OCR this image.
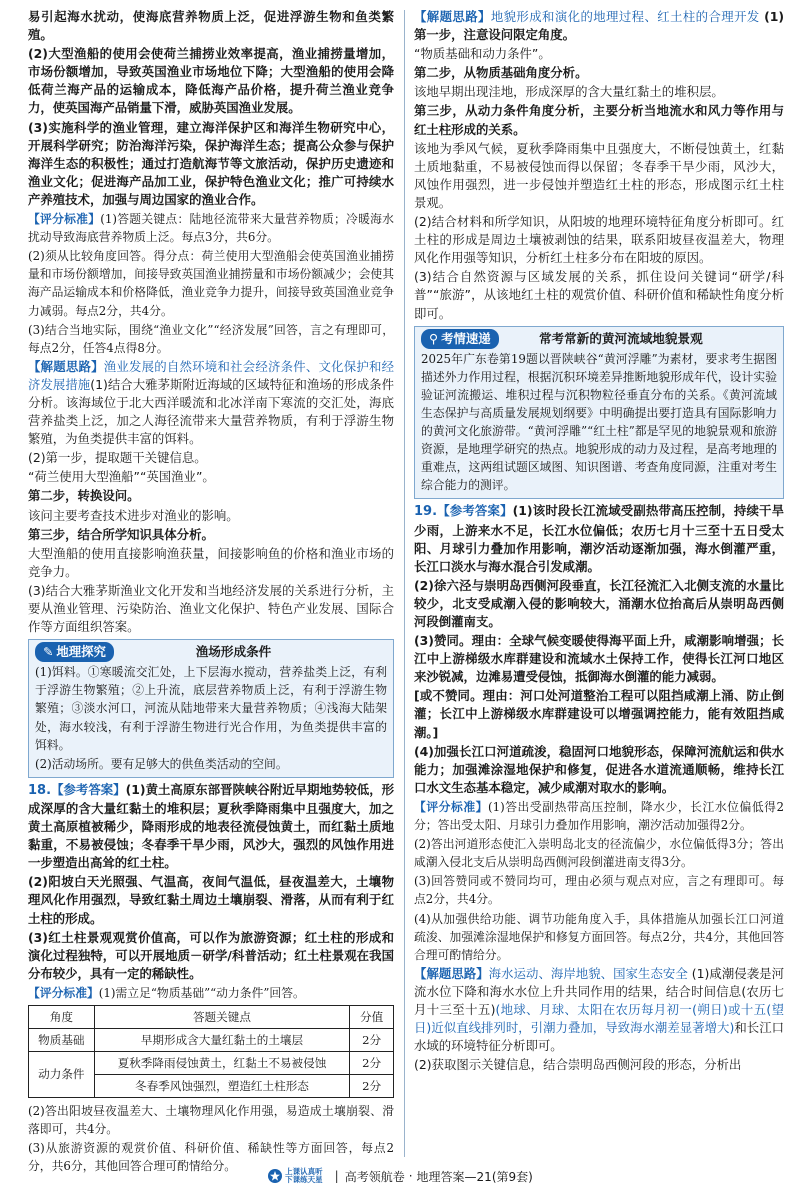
易引起海水扰动，使海底营养物质上泛，促进浮游生物和鱼类繁殖。

(2)大型渔船的使用会使荷兰捕捞业效率提高，渔业捕捞量增加，市场份额增加，导致英国渔业市场地位下降；大型渔船的使用会降低荷兰海产品的运输成本，降低海产品价格，提升荷兰渔业竞争力，使英国海产品销量下滑，威胁英国渔业发展。

(3)实施科学的渔业管理，建立海洋保护区和海洋生物研究中心，开展科学研究；防治海洋污染，保护海洋生态；提高公众参与保护海洋生态的积极性；通过打造航海节等文旅活动，保护历史遗迹和渔业文化；促进海产品加工业，保护特色渔业文化；推广可持续水产养殖技术，加强与周边国家的渔业合作。

【评分标准】(1)答题关键点：陆地径流带来大量营养物质；冷暖海水扰动导致海底营养物质上泛。每点3分，共6分。

(2)须从比较角度回答。得分点：荷兰使用大型渔船会使英国渔业捕捞量和市场份额增加，间接导致英国渔业捕捞量和市场份额减少；会使其海产品运输成本和价格降低，渔业竞争力提升，间接导致英国渔业竞争力减弱。每点2分，共4分。

(3)结合当地实际，围绕“渔业文化”“经济发展”回答，言之有理即可，每点2分，任答4点得8分。

【解题思路】渔业发展的自然环境和社会经济条件、文化保护和经济发展措施(1)结合大雅茅斯附近海域的区域特征和渔场的形成条件分析。该海域位于北大西洋暖流和北冰洋南下寒流的交汇处，海底营养盐类上泛，加之人海径流带来大量营养物质，有利于浮游生物繁殖，为鱼类提供丰富的饵料。

(2)第一步，提取题干关键信息。

“荷兰使用大型渔船”“英国渔业”。

第二步，转换设问。

该问主要考查技术进步对渔业的影响。

第三步，结合所学知识具体分析。

大型渔船的使用直接影响渔获量，间接影响鱼的价格和渔业市场的竞争力。

(3)结合大雅茅斯渔业文化开发和当地经济发展的关系进行分析，主要从渔业管理、污染防治、渔业文化保护、特色产业发展、国际合作等方面组织答案。

✎ 地理探究	渔场形成条件

(1)饵料。①寒暖流交汇处，上下层海水搅动，营养盐类上泛，有利于浮游生物繁殖；②上升流，底层营养物质上泛，有利于浮游生物繁殖；③淡水河口，河流从陆地带来大量营养物质；④浅海大陆架处，海水较浅，有利于浮游生物进行光合作用，为鱼类提供丰富的饵料。

(2)活动场所。要有足够大的供鱼类活动的空间。

18.【参考答案】(1)黄土高原东部晋陕峡谷附近早期地势较低，形成深厚的含大量红黏土的堆积层；夏秋季降雨集中且强度大，加之黄土高原植被稀少，降雨形成的地表径流侵蚀黄土，而红黏土质地黏重，不易被侵蚀；冬春季干旱少雨，风沙大，强烈的风蚀作用进一步塑造出高耸的红土柱。

(2)阳坡白天光照强、气温高，夜间气温低，昼夜温差大，土壤物理风化作用强烈，导致红黏土周边土壤崩裂、滑落，从而有利于红土柱的形成。

(3)红土柱景观观赏价值高，可以作为旅游资源；红土柱的形成和演化过程独特，可以开展地质－研学/科普活动；红土柱景观在我国分布较少，具有一定的稀缺性。

【评分标准】(1)需立足“物质基础”“动力条件”回答。

角度	答题关键点	分值
物质基础	早期形成含大量红黏土的土壤层	2分
动力条件	夏秋季降雨侵蚀黄土，红黏土不易被侵蚀	2分
	冬春季风蚀强烈，塑造红土柱形态	2分

(2)答出阳坡昼夜温差大、土壤物理风化作用强，易造成土壤崩裂、滑落即可，共4分。

(3)从旅游资源的观赏价值、科研价值、稀缺性等方面回答，每点2分，共6分，其他回答合理可酌情给分。

【解题思路】地貌形成和演化的地理过程、红土柱的合理开发 (1)第一步，注意设问限定角度。

“物质基础和动力条件”。

第二步，从物质基础角度分析。

该地早期出现洼地，形成深厚的含大量红黏土的堆积层。

第三步，从动力条件角度分析，主要分析当地流水和风力等作用与红土柱形成的关系。

该地为季风气候，夏秋季降雨集中且强度大，不断侵蚀黄土，红黏土质地黏重，不易被侵蚀而得以保留；冬春季干旱少雨，风沙大，风蚀作用强烈，进一步侵蚀并塑造红土柱的形态，形成图示红土柱景观。

(2)结合材料和所学知识，从阳坡的地理环境特征角度分析即可。红土柱的形成是周边土壤被剥蚀的结果，联系阳坡昼夜温差大，物理风化作用强等知识，分析红土柱多分布在阳坡的原因。

(3)结合自然资源与区域发展的关系，抓住设问关键词“研学/科普”“旅游”，从该地红土柱的观赏价值、科研价值和稀缺性角度分析即可。

⚲ 考情速递	常考常新的黄河流域地貌景观

2025年广东卷第19题以晋陕峡谷“黄河浮雕”为素材，要求考生据图描述外力作用过程，根据沉积环境差异推断地貌形成年代，设计实验验证河流搬运、堆积过程与沉积物粒径垂直分布的关系。《黄河流域生态保护与高质量发展规划纲要》中明确提出要打造具有国际影响力的黄河文化旅游带。“黄河浮雕”“红土柱”都是罕见的地貌景观和旅游资源，是地理学研究的热点。地貌形成的动力及过程，是高考地理的重难点，这两组试题区域图、知识图谱、考查角度同源，注重对考生综合能力的测评。

19.【参考答案】(1)该时段长江流域受副热带高压控制，持续干旱少雨，上游来水不足，长江水位偏低；农历七月十三至十五日受太阳、月球引力叠加作用影响，潮汐活动逐渐加强，海水倒灌严重，长江口淡水与海水混合引发咸潮。

(2)徐六泾与崇明岛西侧河段垂直，长江径流汇入北侧支流的水量比较少，北支受咸潮入侵的影响较大，涌潮水位抬高后从崇明岛西侧河段倒灌南支。

(3)赞同。理由：全球气候变暖使得海平面上升，咸潮影响增强；长江中上游梯级水库群建设和流域水土保持工作，使得长江河口地区来沙锐减，边滩易遭受侵蚀，抵御海水倒灌的能力减弱。

[或不赞同。理由：河口处河道整治工程可以阻挡咸潮上涌、防止倒灌；长江中上游梯级水库群建设可以增强调控能力，能有效阻挡咸潮。]

(4)加强长江口河道疏浚，稳固河口地貌形态，保障河流航运和供水能力；加强滩涂湿地保护和修复，促进各水道流通顺畅，维持长江口水文生态基本稳定，减少咸潮对取水的影响。

【评分标准】(1)答出受副热带高压控制，降水少，长江水位偏低得2分；答出受太阳、月球引力叠加作用影响，潮汐活动加强得2分。

(2)答出河道形态使汇入崇明岛北支的径流偏少，水位偏低得3分；答出咸潮入侵北支后从崇明岛西侧河段倒灌进南支得3分。

(3)回答赞同或不赞同均可，理由必须与观点对应，言之有理即可。每点2分，共4分。

(4)从加强供给功能、调节功能角度入手，具体措施从加强长江口河道疏浚、加强滩涂湿地保护和修复方面回答。每点2分，共4分，其他回答合理可酌情给分。

【解题思路】海水运动、海岸地貌、国家生态安全 (1)咸潮侵袭是河流水位下降和海水水位上升共同作用的结果，结合时间信息(农历七月十三至十五)(地球、月球、太阳在农历每月初一(朔日)或十五(望日)近似直线排列时，引潮力叠加，导致海水潮差显著增大)和长江口水域的环境特征分析即可。

(2)获取图示关键信息，结合崇明岛西侧河段的形态，分析出

上课认真听
下课练天星 | 高考领航卷 · 地理答案—21(第9套)
